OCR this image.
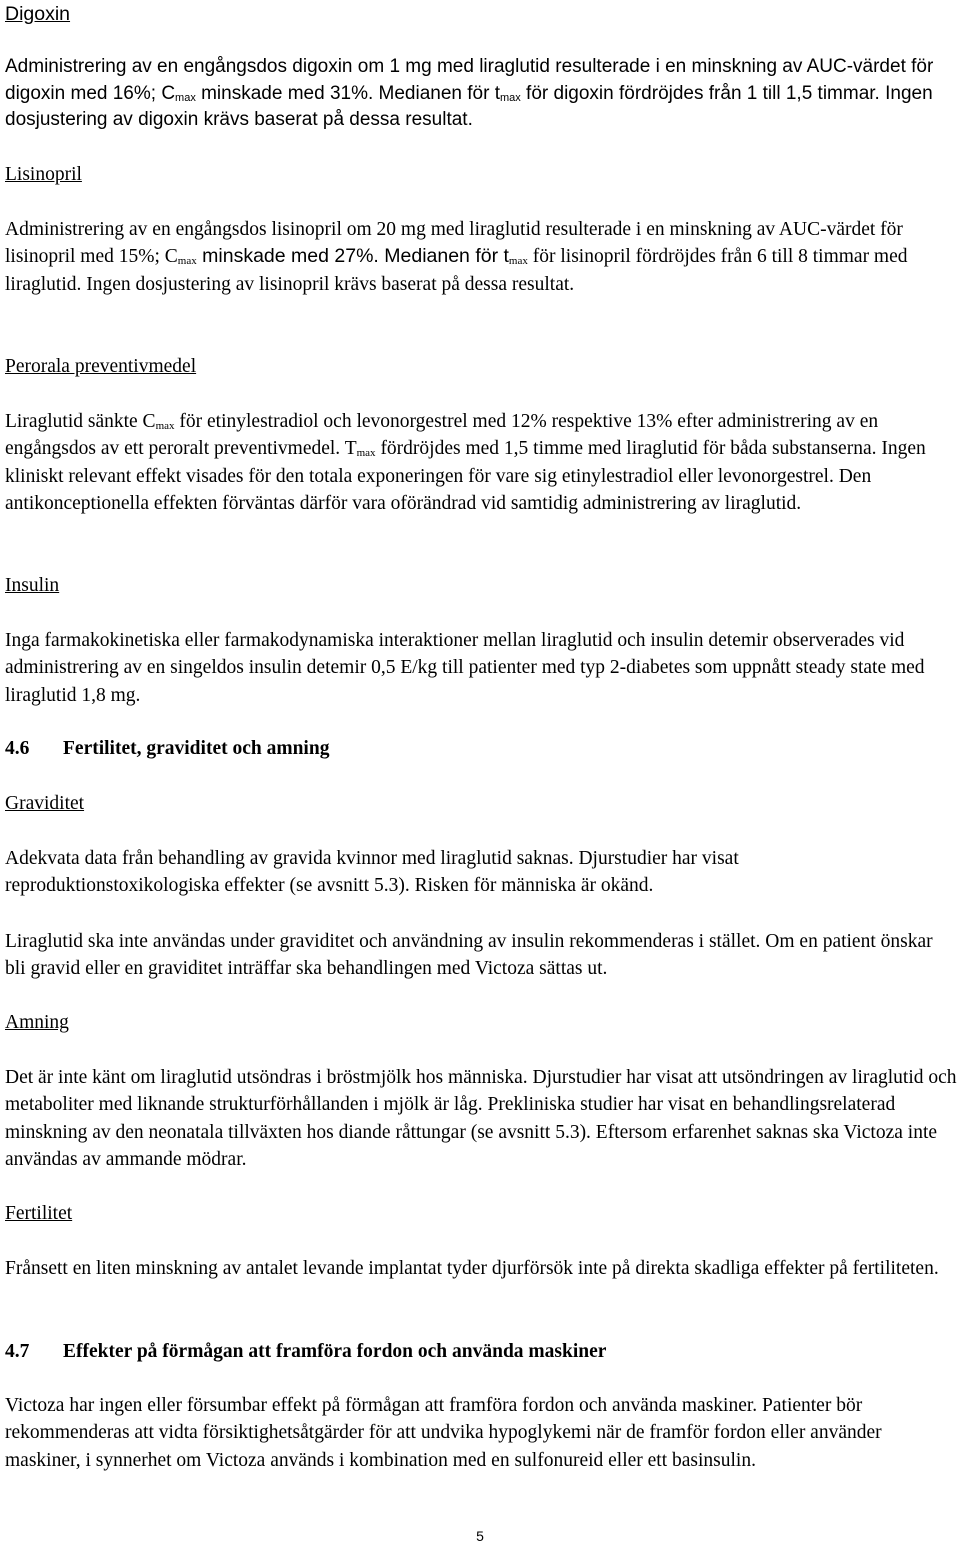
Digoxin

Administrering av en engångsdos digoxin om 1 mg med liraglutid resulterade i en minskning av AUC-värdet för digoxin med 16%; $C_{max}$ minskade med 31%. Medianen för $t_{max}$ för digoxin fördröjdes från 1 till 1,5 timmar. Ingen dosjustering av digoxin krävs baserat på dessa resultat.

Lisinopril

Administrering av en engångsdos lisinopril om 20 mg med liraglutid resulterade i en minskning av AUC-värdet för lisinopril med 15%; $C_{max}$ minskade med 27%. Medianen för $t_{max}$ för lisinopril fördröjdes från 6 till 8 timmar med liraglutid. Ingen dosjustering av lisinopril krävs baserat på dessa resultat.

Perorala preventivmedel

Liraglutid sänkte $C_{max}$ för etinylestradiol och levonorgestrel med 12% respektive 13% efter administrering av en engångsdos av ett peroralt preventivmedel. $T_{max}$ fördröjdes med 1,5 timme med liraglutid för båda substanserna. Ingen kliniskt relevant effekt visades för den totala exponeringen för vare sig etinylestradiol eller levonorgestrel. Den antikonceptionella effekten förväntas därför vara oförändrad vid samtidig administrering av liraglutid.

Insulin

Inga farmakokinetiska eller farmakodynamiska interaktioner mellan liraglutid och insulin detemir observerades vid administrering av en singeldos insulin detemir 0,5 E/kg till patienter med typ 2-diabetes som uppnått steady state med liraglutid 1,8 mg.

4.6 Fertilitet, graviditet och amning
Graviditet

Adekvata data från behandling av gravida kvinnor med liraglutid saknas. Djurstudier har visat reproduktionstoxikologiska effekter (se avsnitt 5.3). Risken för människa är okänd.

Liraglutid ska inte användas under graviditet och användning av insulin rekommenderas i stället. Om en patient önskar bli gravid eller en graviditet inträffar ska behandlingen med Victoza sättas ut.

Amning

Det är inte känt om liraglutid utsöndras i bröstmjölk hos människa. Djurstudier har visat att utsöndringen av liraglutid och metaboliter med liknande strukturförhållanden i mjölk är låg. Prekliniska studier har visat en behandlingsrelaterad minskning av den neonatala tillväxten hos diande råttungar (se avsnitt 5.3). Eftersom erfarenhet saknas ska Victoza inte användas av ammande mödrar.

Fertilitet

Frånsett en liten minskning av antalet levande implantat tyder djurförsök inte på direkta skadliga effekter på fertiliteten.

4.7 Effekter på förmågan att framföra fordon och använda maskiner

Victoza har ingen eller försumbar effekt på förmågan att framföra fordon och använda maskiner. Patienter bör rekommenderas att vidta försiktighetsåtgärder för att undvika hypoglykemi när de framför fordon eller använder maskiner, i synnerhet om Victoza används i kombination med en sulfonureid eller ett basinsulin.

5
